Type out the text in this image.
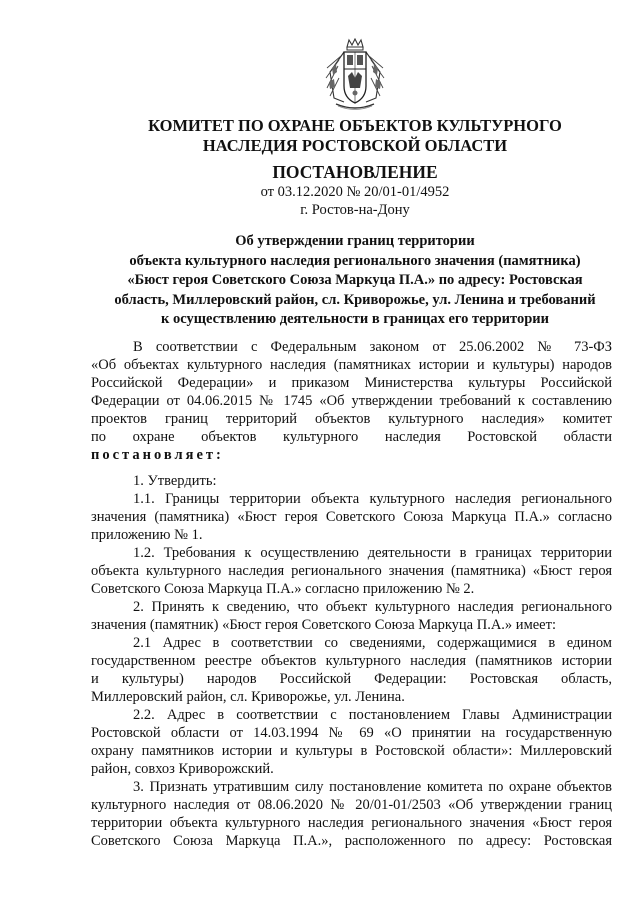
КОМИТЕТ ПО ОХРАНЕ ОБЪЕКТОВ КУЛЬТУРНОГО
НАСЛЕДИЯ РОСТОВСКОЙ ОБЛАСТИ
ПОСТАНОВЛЕНИЕ
от 03.12.2020 № 20/01-01/4952
г. Ростов-на-Дону
Об утверждении границ территории
объекта культурного наследия регионального значения (памятника)
«Бюст героя Советского Союза Маркуца П.А.» по адресу: Ростовская
область, Миллеровский район, сл. Криворожье, ул. Ленина и требований
к осуществлению деятельности в границах его территории
В соответствии с Федеральным законом от 25.06.2002 № 73-ФЗ
«Об объектах культурного наследия (памятниках истории и культуры) народов
Российской Федерации» и приказом Министерства культуры Российской
Федерации от 04.06.2015 № 1745 «Об утверждении требований к составлению
проектов границ территорий объектов культурного наследия» комитет
по охране объектов культурного наследия Ростовской области
постановляет:
1. Утвердить:
1.1. Границы территории объекта культурного наследия регионального
значения (памятника) «Бюст героя Советского Союза Маркуца П.А.» согласно
приложению № 1.
1.2. Требования к осуществлению деятельности в границах территории
объекта культурного наследия регионального значения (памятника) «Бюст героя
Советского Союза Маркуца П.А.» согласно приложению № 2.
2. Принять к сведению, что объект культурного наследия регионального
значения (памятник) «Бюст героя Советского Союза Маркуца П.А.» имеет:
2.1 Адрес в соответствии со сведениями, содержащимися в едином
государственном реестре объектов культурного наследия (памятников истории
и культуры) народов Российской Федерации: Ростовская область,
Миллеровский район, сл. Криворожье, ул. Ленина.
2.2. Адрес в соответствии с постановлением Главы Администрации
Ростовской области от 14.03.1994 № 69 «О принятии на государственную
охрану памятников истории и культуры в Ростовской области»: Миллеровский
район, совхоз Криворожский.
3. Признать утратившим силу постановление комитета по охране объектов
культурного наследия от 08.06.2020 № 20/01-01/2503 «Об утверждении границ
территории объекта культурного наследия регионального значения «Бюст героя
Советского Союза Маркуца П.А.», расположенного по адресу: Ростовская
